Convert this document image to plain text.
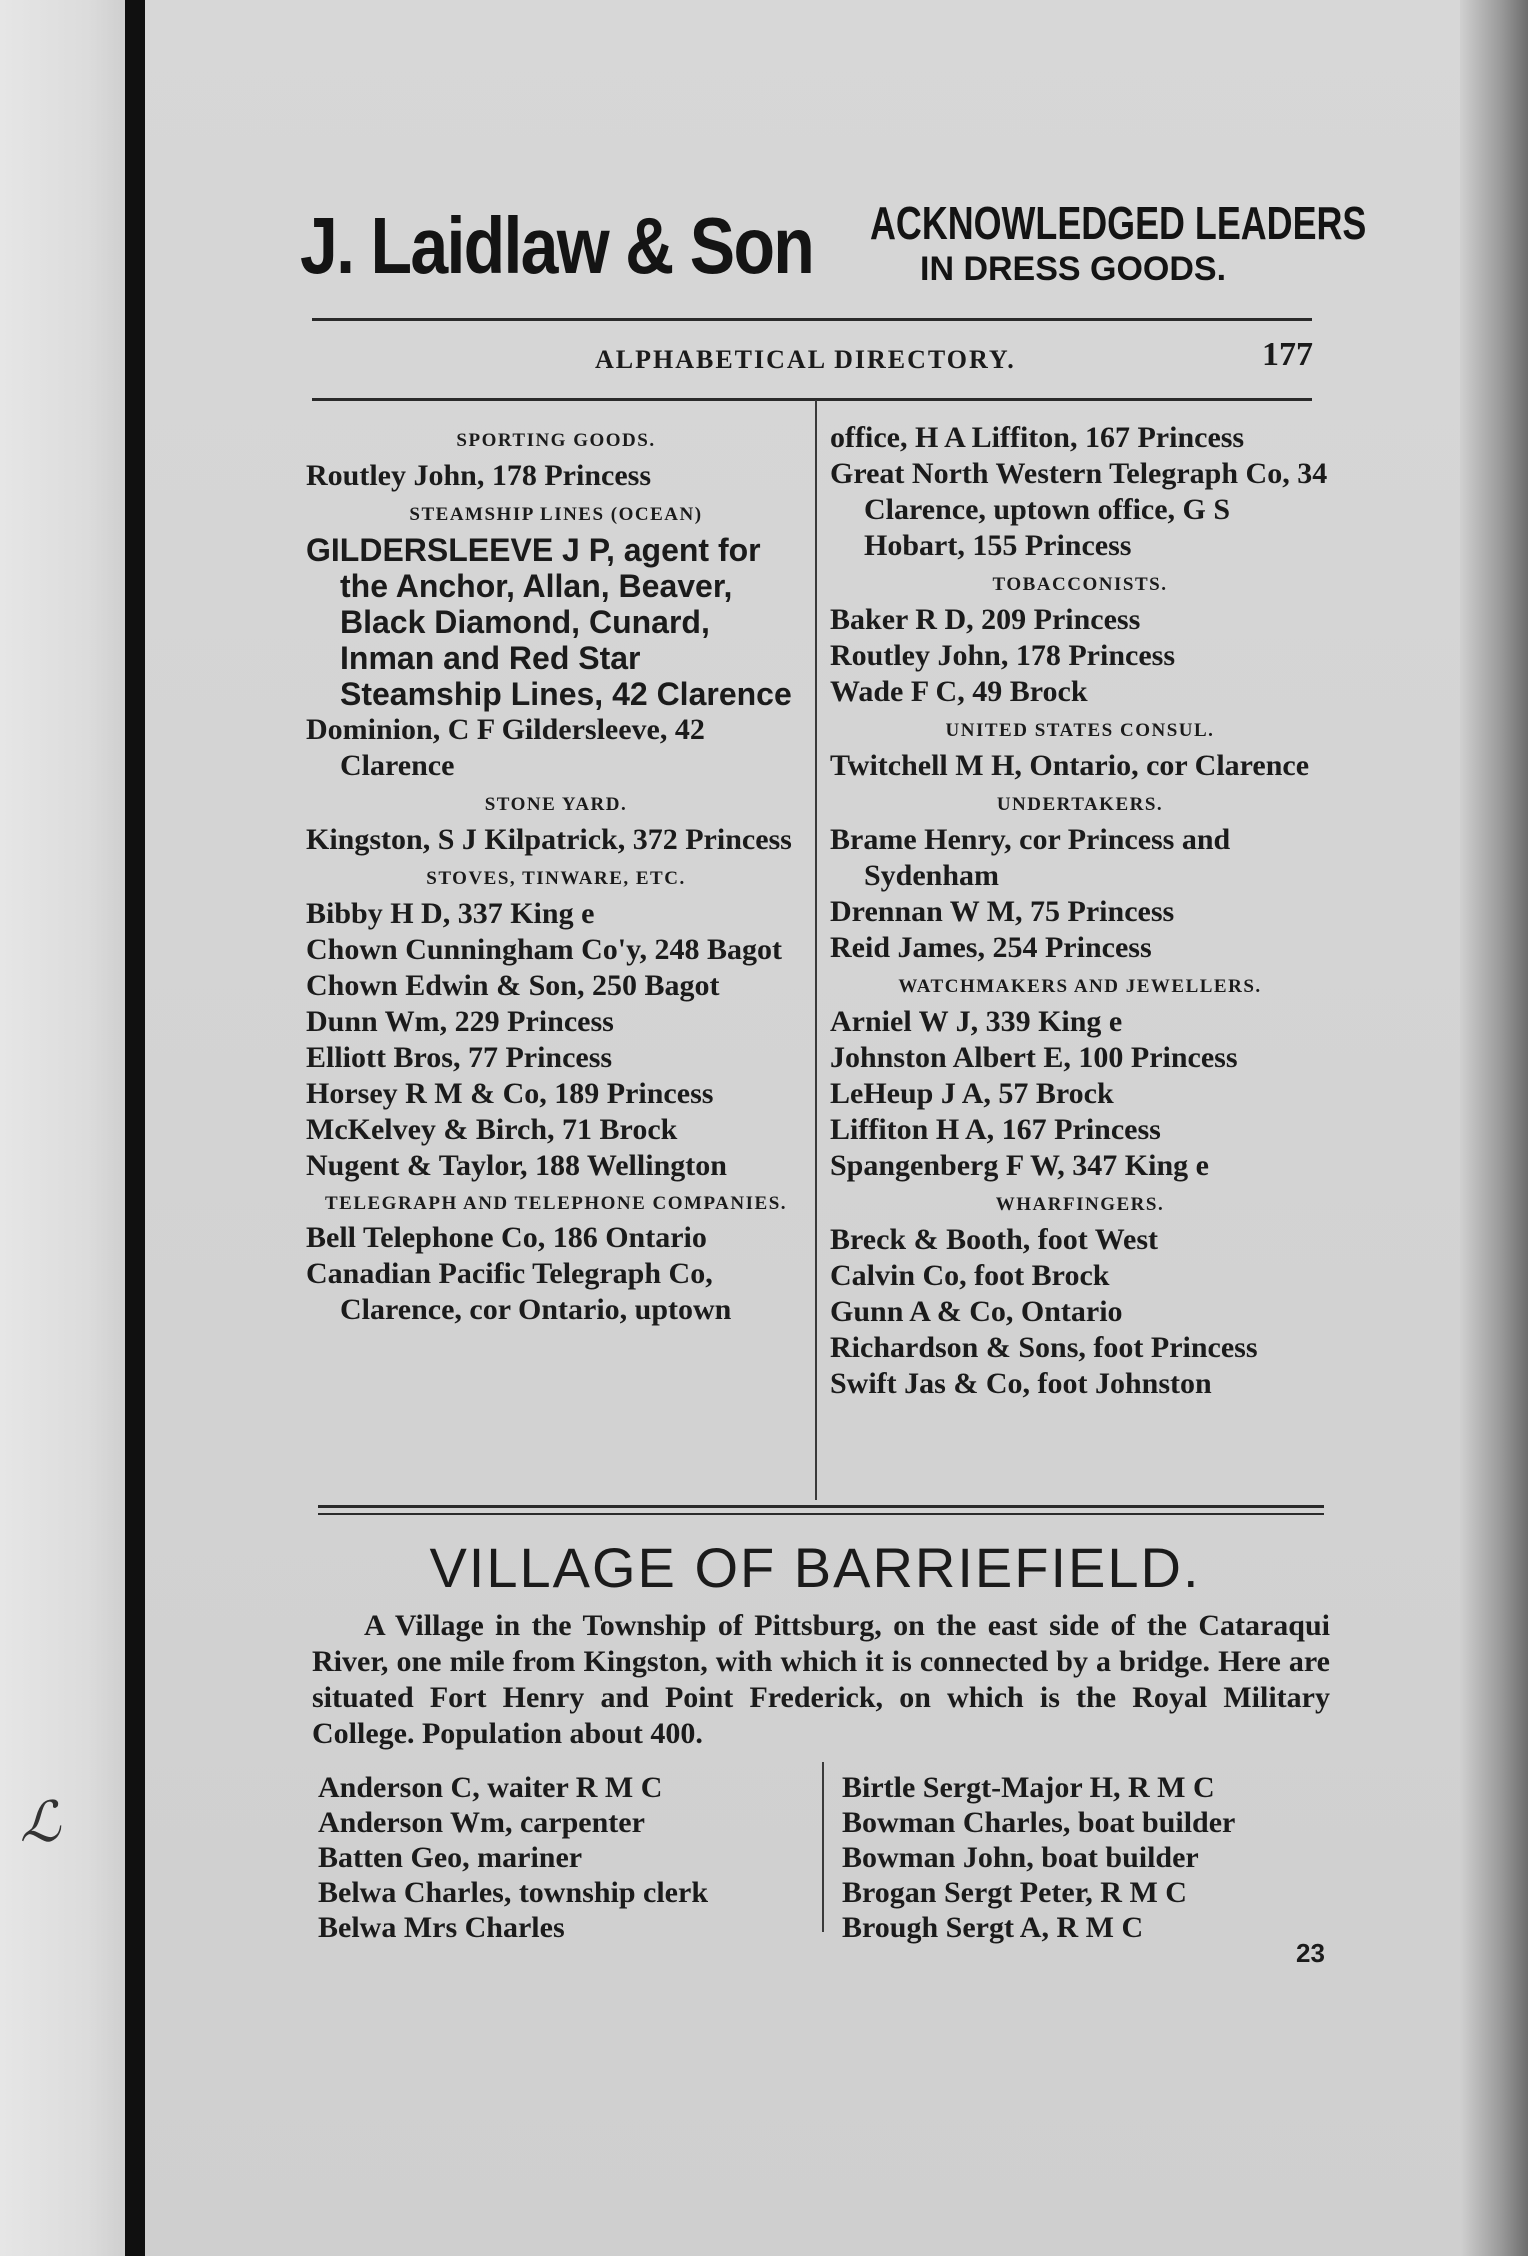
ℒ
J. Laidlaw & Son ACKNOWLEDGED LEADERS
IN DRESS GOODS.
ALPHABETICAL DIRECTORY.	177
SPORTING GOODS.
Routley John, 178 Princess
STEAMSHIP LINES (OCEAN)
GILDERSLEEVE J P, agent for the Anchor, Allan, Beaver, Black Diamond, Cunard, Inman and Red Star Steamship Lines, 42 Clarence
Dominion, C F Gildersleeve, 42 Clarence
STONE YARD.
Kingston, S J Kilpatrick, 372 Princess
STOVES, TINWARE, ETC.
Bibby H D, 337 King e
Chown Cunningham Co'y, 248 Bagot
Chown Edwin & Son, 250 Bagot
Dunn Wm, 229 Princess
Elliott Bros, 77 Princess
Horsey R M & Co, 189 Princess
McKelvey & Birch, 71 Brock
Nugent & Taylor, 188 Wellington
TELEGRAPH AND TELEPHONE COMPANIES.
Bell Telephone Co, 186 Ontario
Canadian Pacific Telegraph Co, Clarence, cor Ontario, uptown
office, H A Liffiton, 167 Princess
Great North Western Telegraph Co, 34 Clarence, uptown office, G S Hobart, 155 Princess
TOBACCONISTS.
Baker R D, 209 Princess
Routley John, 178 Princess
Wade F C, 49 Brock
UNITED STATES CONSUL.
Twitchell M H, Ontario, cor Clarence
UNDERTAKERS.
Brame Henry, cor Princess and Sydenham
Drennan W M, 75 Princess
Reid James, 254 Princess
WATCHMAKERS AND JEWELLERS.
Arniel W J, 339 King e
Johnston Albert E, 100 Princess
LeHeup J A, 57 Brock
Liffiton H A, 167 Princess
Spangenberg F W, 347 King e
WHARFINGERS.
Breck & Booth, foot West
Calvin Co, foot Brock
Gunn A & Co, Ontario
Richardson & Sons, foot Princess
Swift Jas & Co, foot Johnston
VILLAGE OF BARRIEFIELD.
A Village in the Township of Pittsburg, on the east side of the Cataraqui River, one mile from Kingston, with which it is connected by a bridge. Here are situated Fort Henry and Point Frederick, on which is the Royal Military College. Population about 400.
Anderson C, waiter R M C
Anderson Wm, carpenter
Batten Geo, mariner
Belwa Charles, township clerk
Belwa Mrs Charles
Birtle Sergt-Major H, R M C
Bowman Charles, boat builder
Bowman John, boat builder
Brogan Sergt Peter, R M C
Brough Sergt A, R M C
23
